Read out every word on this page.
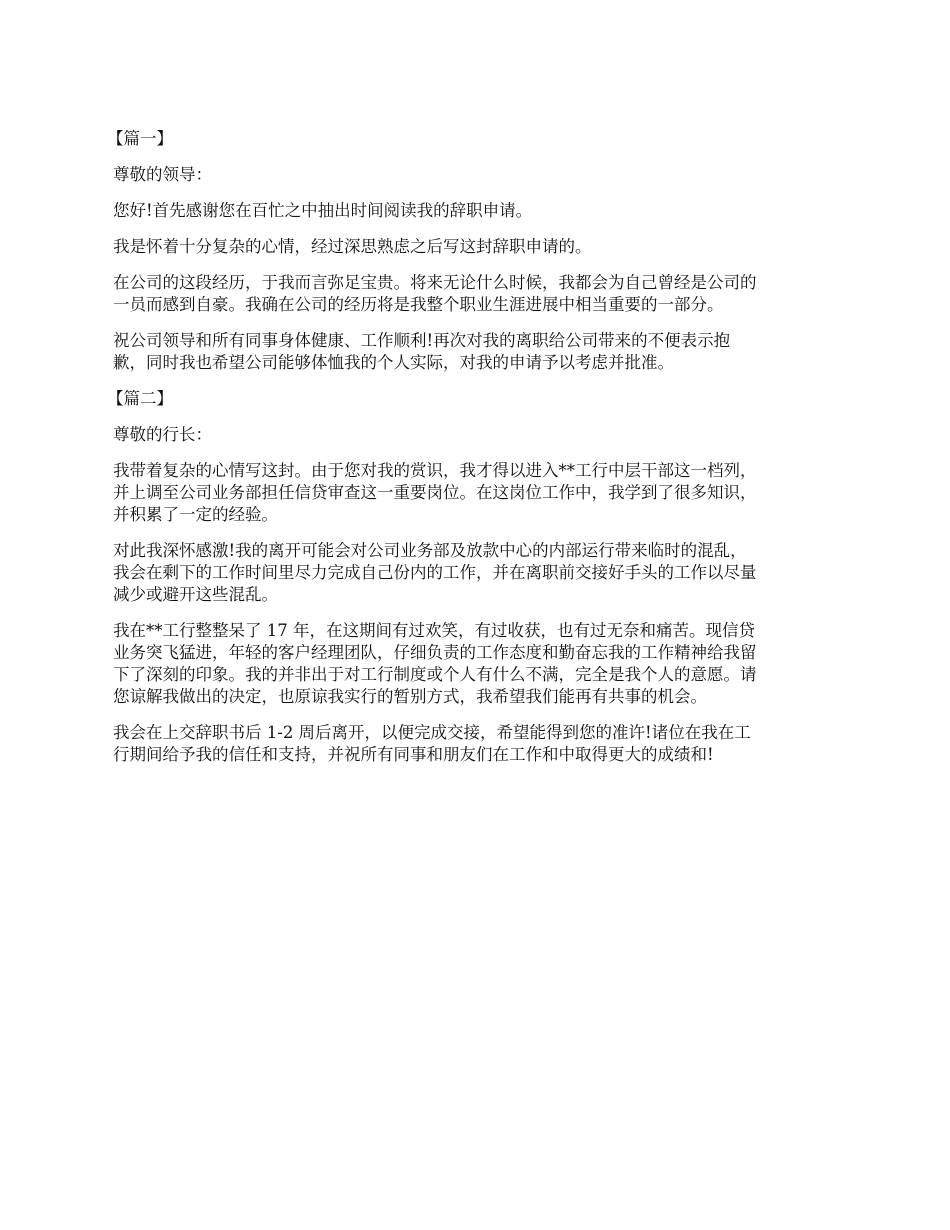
【篇一】
尊敬的领导：
您好!首先感谢您在百忙之中抽出时间阅读我的辞职申请。
我是怀着十分复杂的心情，经过深思熟虑之后写这封辞职申请的。
在公司的这段经历，于我而言弥足宝贵。将来无论什么时候，我都会为自己曾经是公司的
一员而感到自豪。我确在公司的经历将是我整个职业生涯进展中相当重要的一部分。
祝公司领导和所有同事身体健康、工作顺利!再次对我的离职给公司带来的不便表示抱
歉，同时我也希望公司能够体恤我的个人实际，对我的申请予以考虑并批准。
【篇二】
尊敬的行长：
我带着复杂的心情写这封。由于您对我的赏识，我才得以进入**工行中层干部这一档列，
并上调至公司业务部担任信贷审查这一重要岗位。在这岗位工作中，我学到了很多知识，
并积累了一定的经验。
对此我深怀感激!我的离开可能会对公司业务部及放款中心的内部运行带来临时的混乱，
我会在剩下的工作时间里尽力完成自己份内的工作，并在离职前交接好手头的工作以尽量
减少或避开这些混乱。
我在**工行整整呆了 17 年，在这期间有过欢笑，有过收获，也有过无奈和痛苦。现信贷
业务突飞猛进，年轻的客户经理团队，仔细负责的工作态度和勤奋忘我的工作精神给我留
下了深刻的印象。我的并非出于对工行制度或个人有什么不满，完全是我个人的意愿。请
您谅解我做出的决定，也原谅我实行的暂别方式，我希望我们能再有共事的机会。
我会在上交辞职书后 1-2 周后离开，以便完成交接，希望能得到您的准许!诸位在我在工
行期间给予我的信任和支持，并祝所有同事和朋友们在工作和中取得更大的成绩和!
